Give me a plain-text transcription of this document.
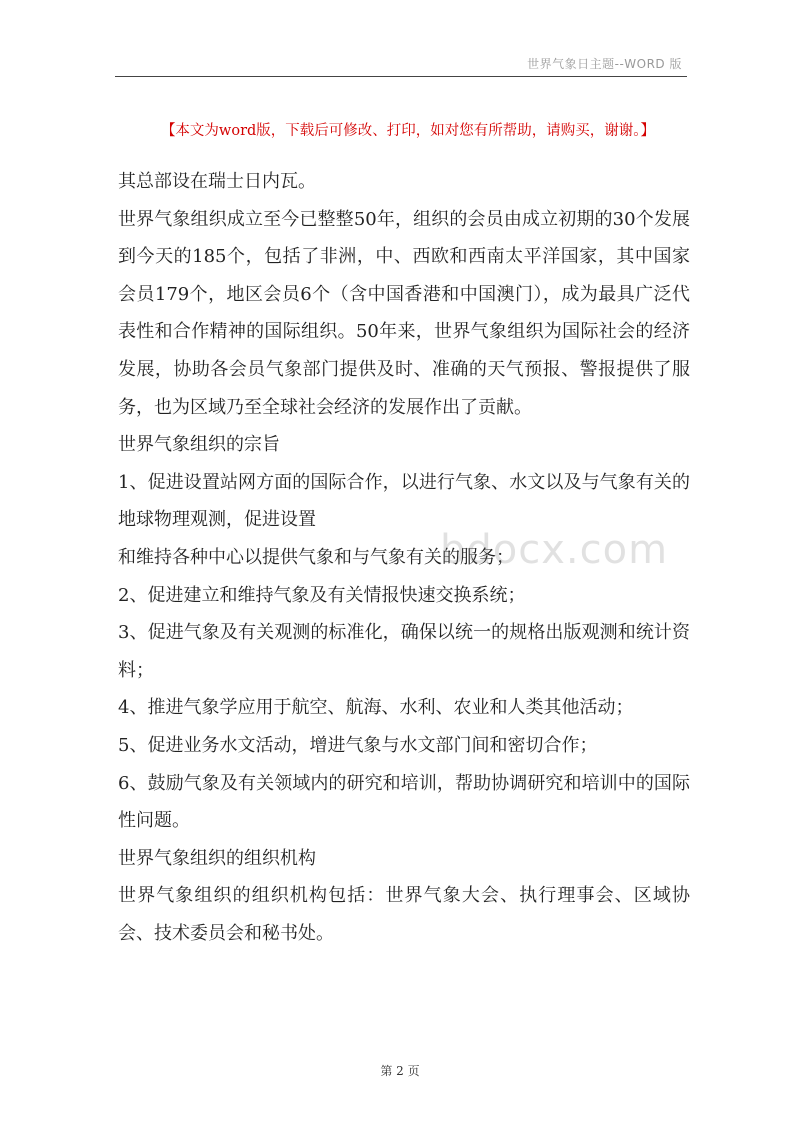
世界气象日主题--WORD 版
【本文为word版，下载后可修改、打印，如对您有所帮助，请购买，谢谢。】

其总部设在瑞士日内瓦。

世界气象组织成立至今已整整50年，组织的会员由成立初期的30个发展到今天的185个，包括了非洲，中、西欧和西南太平洋国家，其中国家会员179个，地区会员6个（含中国香港和中国澳门），成为最具广泛代表性和合作精神的国际组织。50年来，世界气象组织为国际社会的经济发展，协助各会员气象部门提供及时、准确的天气预报、警报提供了服务，也为区域乃至全球社会经济的发展作出了贡献。

世界气象组织的宗旨

1、促进设置站网方面的国际合作，以进行气象、水文以及与气象有关的地球物理观测，促进设置

和维持各种中心以提供气象和与气象有关的服务；

2、促进建立和维持气象及有关情报快速交换系统；

3、促进气象及有关观测的标准化，确保以统一的规格出版观测和统计资料；

4、推进气象学应用于航空、航海、水利、农业和人类其他活动；

5、促进业务水文活动，增进气象与水文部门间和密切合作；

6、鼓励气象及有关领域内的研究和培训，帮助协调研究和培训中的国际性问题。

世界气象组织的组织机构

世界气象组织的组织机构包括：世界气象大会、执行理事会、区域协会、技术委员会和秘书处。

bdocx.com
第 2 页
